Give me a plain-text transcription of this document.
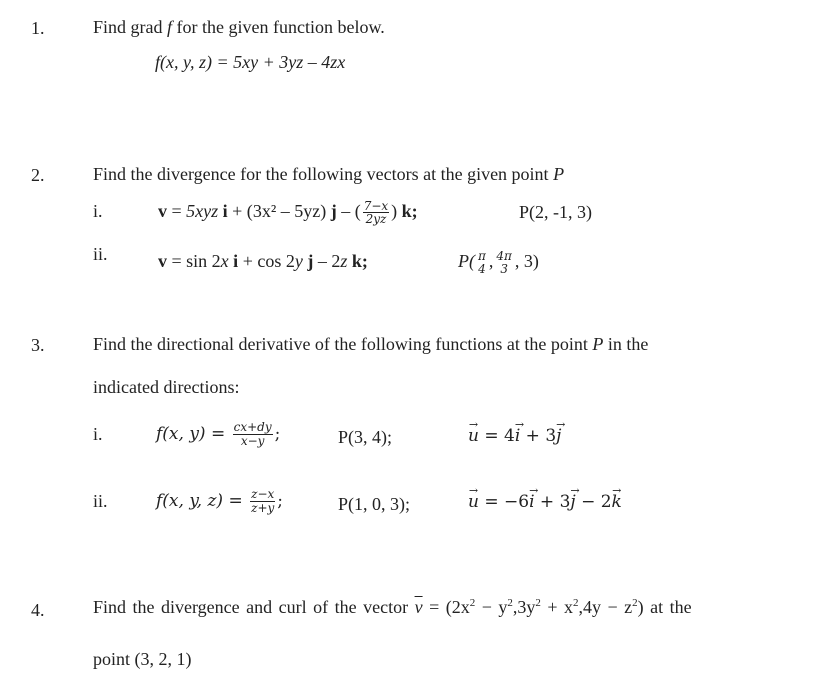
1.	Find grad f for the given function below.
f(x, y, z) = 5xy + 3yz – 4zx
2.	Find the divergence for the following vectors at the given point P
i.	v = 5xyz i + (3x² – 5yz) j – ( $\frac{7-x}{2yz}$ ) k;	P(2, -1, 3)
ii.	v = sin 2x i + cos 2y j – 2z k;	P( π
4 , 4π
3 , 3)
3.	Find the directional derivative of the following functions at the point P in the
indicated directions:
i.	f(x, $y) = \frac{cx+dy}{x-y}$ ;	P(3, 4);	→ u = 4→ i + 3→ j
ii.	f(x, y, $z) = \frac{z-x}{z+y}$ ;	P(1, 0, 3);	→ u = −6→ i + 3→ j − 2→ k
4.	Find the divergence and curl of the vector $\overline{v} = (2x^2 - y^2,3y^2 + x^2,4y - z^2)$ at the
point (3, 2, 1)
